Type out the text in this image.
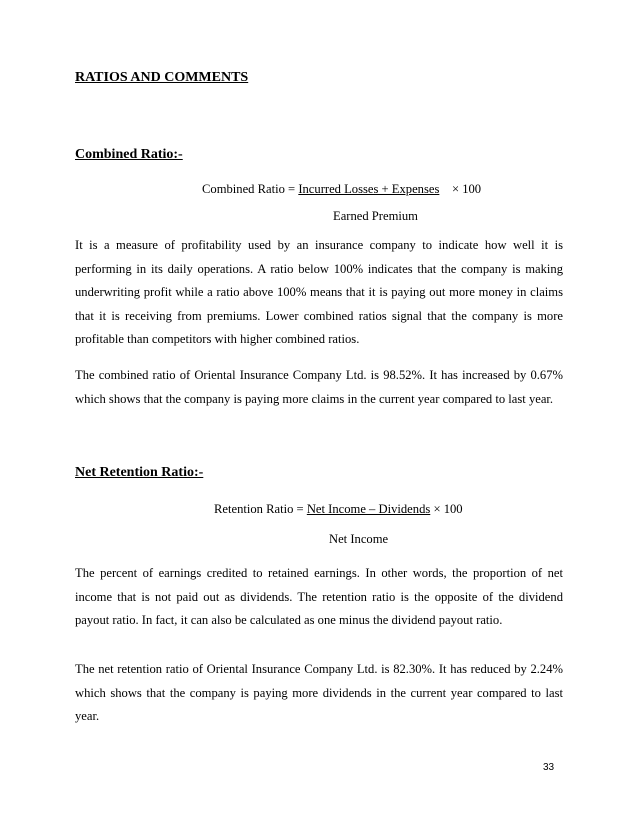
RATIOS AND COMMENTS
Combined Ratio:-
Combined Ratio = Incurred Losses + Expenses × 100
Earned Premium
It is a measure of profitability used by an insurance company to indicate how well it is performing in its daily operations. A ratio below 100% indicates that the company is making underwriting profit while a ratio above 100% means that it is paying out more money in claims that it is receiving from premiums. Lower combined ratios signal that the company is more profitable than competitors with higher combined ratios.
The combined ratio of Oriental Insurance Company Ltd. is 98.52%. It has increased by 0.67% which shows that the company is paying more claims in the current year compared to last year.
Net Retention Ratio:-
Retention Ratio = Net Income – Dividends × 100
Net Income
The percent of earnings credited to retained earnings. In other words, the proportion of net income that is not paid out as dividends. The retention ratio is the opposite of the dividend payout ratio. In fact, it can also be calculated as one minus the dividend payout ratio.
The net retention ratio of Oriental Insurance Company Ltd. is 82.30%. It has reduced by 2.24% which shows that the company is paying more dividends in the current year compared to last year.
33
